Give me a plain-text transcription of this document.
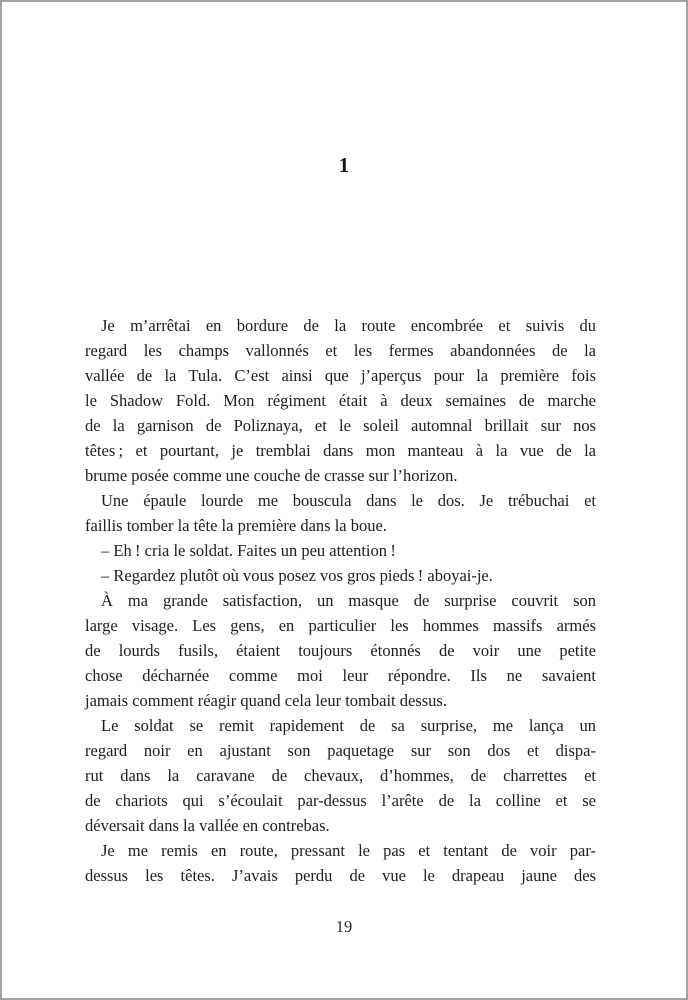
1
Je m’arrêtai en bordure de la route encombrée et suivis du
regard les champs vallonnés et les fermes abandonnées de la
vallée de la Tula. C’est ainsi que j’aperçus pour la première fois
le Shadow Fold. Mon régiment était à deux semaines de marche
de la garnison de Poliznaya, et le soleil automnal brillait sur nos
têtes ; et pourtant, je tremblai dans mon manteau à la vue de la
brume posée comme une couche de crasse sur l’horizon.
Une épaule lourde me bouscula dans le dos. Je trébuchai et
faillis tomber la tête la première dans la boue.
– Eh ! cria le soldat. Faites un peu attention !
– Regardez plutôt où vous posez vos gros pieds ! aboyai-je.
À ma grande satisfaction, un masque de surprise couvrit son
large visage. Les gens, en particulier les hommes massifs armés
de lourds fusils, étaient toujours étonnés de voir une petite
chose décharnée comme moi leur répondre. Ils ne savaient
jamais comment réagir quand cela leur tombait dessus.
Le soldat se remit rapidement de sa surprise, me lança un
regard noir en ajustant son paquetage sur son dos et dispa-
rut dans la caravane de chevaux, d’hommes, de charrettes et
de chariots qui s’écoulait par-dessus l’arête de la colline et se
déversait dans la vallée en contrebas.
Je me remis en route, pressant le pas et tentant de voir par-
dessus les têtes. J’avais perdu de vue le drapeau jaune des
19
